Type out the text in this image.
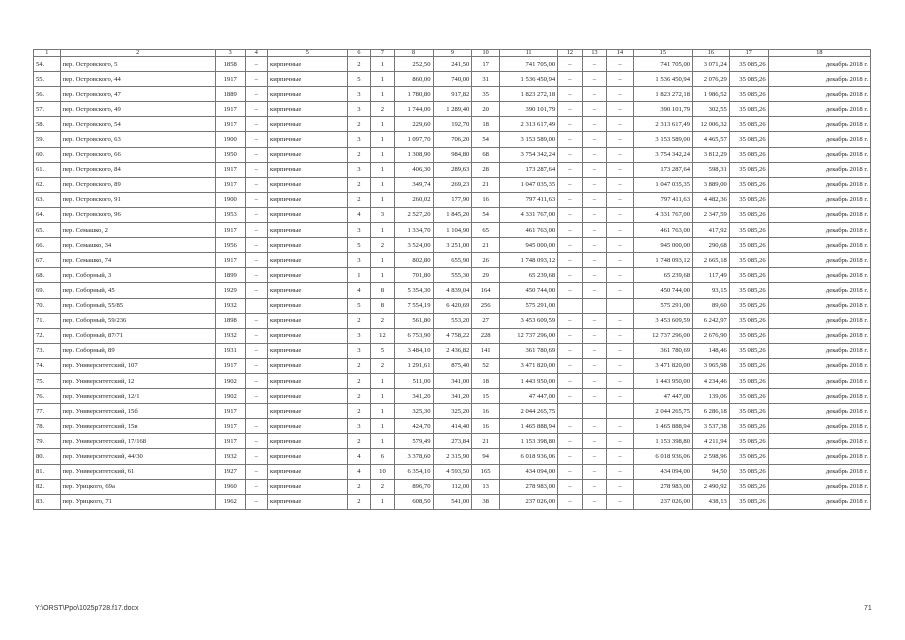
1	2	3	4	5	6	7	8	9	10	11	12	13	14	15	16	17	18
54.	пер. Островского, 5	1858	–	кирпичные	2	1	252,50	241,50	17	741 705,00	–	–	–	741 705,00	3 071,24	35 085,26	декабрь 2018 г.
55.	пер. Островского, 44	1917	–	кирпичные	5	1	860,00	740,00	31	1 536 450,94	–	–	–	1 536 450,94	2 076,29	35 085,26	декабрь 2018 г.
56.	пер. Островского, 47	1889	–	кирпичные	3	1	1 780,80	917,82	35	1 823 272,18	–	–	–	1 823 272,18	1 986,52	35 085,26	декабрь 2018 г.
57.	пер. Островского, 49	1917	–	кирпичные	3	2	1 744,00	1 289,40	20	390 101,79	–	–	–	390 101,79	302,55	35 085,26	декабрь 2018 г.
58.	пер. Островского, 54	1917	–	кирпичные	2	1	229,60	192,70	18	2 313 617,49	–	–	–	2 313 617,49	12 006,32	35 085,26	декабрь 2018 г.
59.	пер. Островского, 63	1900	–	кирпичные	3	1	1 097,70	706,20	54	3 153 589,00	–	–	–	3 153 589,00	4 465,57	35 085,26	декабрь 2018 г.
60.	пер. Островского, 66	1950	–	кирпичные	2	1	1 308,90	984,80	68	3 754 342,24	–	–	–	3 754 342,24	3 812,29	35 085,26	декабрь 2018 г.
61.	пер. Островского, 84	1917	–	кирпичные	3	1	406,30	289,63	28	173 287,64	–	–	–	173 287,64	598,31	35 085,26	декабрь 2018 г.
62.	пер. Островского, 89	1917	–	кирпичные	2	1	349,74	269,23	21	1 047 035,35	–	–	–	1 047 035,35	3 889,00	35 085,26	декабрь 2018 г.
63.	пер. Островского, 91	1900	–	кирпичные	2	1	260,02	177,90	16	797 411,63	–	–	–	797 411,63	4 482,36	35 085,26	декабрь 2018 г.
64.	пер. Островского, 96	1953	–	кирпичные	4	3	2 527,20	1 845,20	54	4 331 767,00	–	–	–	4 331 767,00	2 347,59	35 085,26	декабрь 2018 г.
65.	пер. Семашко, 2	1917	–	кирпичные	3	1	1 334,70	1 104,90	65	461 763,00	–	–	–	461 763,00	417,92	35 085,26	декабрь 2018 г.
66.	пер. Семашко, 34	1956	–	кирпичные	5	2	3 524,00	3 251,00	21	945 000,00	–	–	–	945 000,00	290,68	35 085,26	декабрь 2018 г.
67.	пер. Семашко, 74	1917	–	кирпичные	3	1	802,80	655,90	26	1 748 093,12	–	–	–	1 748 093,12	2 665,18	35 085,26	декабрь 2018 г.
68.	пер. Соборный, 3	1899	–	кирпичные	1	1	701,80	555,30	29	65 239,68	–	–	–	65 239,68	117,49	35 085,26	декабрь 2018 г.
69.	пер. Соборный, 45	1929	–	кирпичные	4	8	5 354,30	4 839,04	164	450 744,00	–	–	–	450 744,00	93,15	35 085,26	декабрь 2018 г.
70.	пер. Соборный, 55/85	1932		кирпичные	5	8	7 554,19	6 420,69	256	575 291,00				575 291,00	89,60	35 085,26	декабрь 2018 г.
71.	пер. Соборный, 59/236	1898	–	кирпичные	2	2	561,80	553,20	27	3 453 609,59	–	–	–	3 453 609,59	6 242,97	35 085,26	декабрь 2018 г.
72.	пер. Соборный, 87/71	1932	–	кирпичные	3	12	6 753,90	4 758,22	228	12 737 296,00	–	–	–	12 737 296,00	2 676,90	35 085,26	декабрь 2018 г.
73.	пер. Соборный, 89	1931	–	кирпичные	3	5	3 484,10	2 436,82	141	361 780,69	–	–	–	361 780,69	148,46	35 085,26	декабрь 2018 г.
74.	пер. Университетский, 107	1917	–	кирпичные	2	2	1 291,61	875,40	52	3 471 820,00	–	–	–	3 471 820,00	3 965,98	35 085,26	декабрь 2018 г.
75.	пер. Университетский, 12	1902	–	кирпичные	2	1	511,00	341,00	18	1 443 950,00	–	–	–	1 443 950,00	4 234,46	35 085,26	декабрь 2018 г.
76.	пер. Университетский, 12/1	1902	–	кирпичные	2	1	341,20	341,20	15	47 447,00	–	–	–	47 447,00	139,06	35 085,26	декабрь 2018 г.
77.	пер. Университетский, 15б	1917		кирпичные	2	1	325,30	325,20	16	2 044 265,75				2 044 265,75	6 286,18	35 085,26	декабрь 2018 г.
78.	пер. Университетский, 15в	1917	–	кирпичные	3	1	424,70	414,40	16	1 465 888,94	–	–	–	1 465 888,94	3 537,38	35 085,26	декабрь 2018 г.
79.	пер. Университетский, 17/168	1917	–	кирпичные	2	1	579,49	273,84	21	1 153 398,80	–	–	–	1 153 398,80	4 211,94	35 085,26	декабрь 2018 г.
80.	пер. Университетский, 44/30	1932	–	кирпичные	4	6	3 378,60	2 315,90	94	6 018 936,06	–	–	–	6 018 936,06	2 598,96	35 085,26	декабрь 2018 г.
81.	пер. Университетский, 61	1927	–	кирпичные	4	10	6 354,10	4 593,50	165	434 094,00	–	–	–	434 094,00	94,50	35 085,26	декабрь 2018 г.
82.	пер. Урицкого, 69а	1960	–	кирпичные	2	2	896,70	112,00	13	278 983,00	–	–	–	278 983,00	2 490,92	35 085,26	декабрь 2018 г.
83.	пер. Урицкого, 71	1962	–	кирпичные	2	1	608,50	541,00	38	237 026,00	–	–	–	237 026,00	438,13	35 085,26	декабрь 2018 г.
Y:\ORST\Ppo\1025p728.f17.docx	71
